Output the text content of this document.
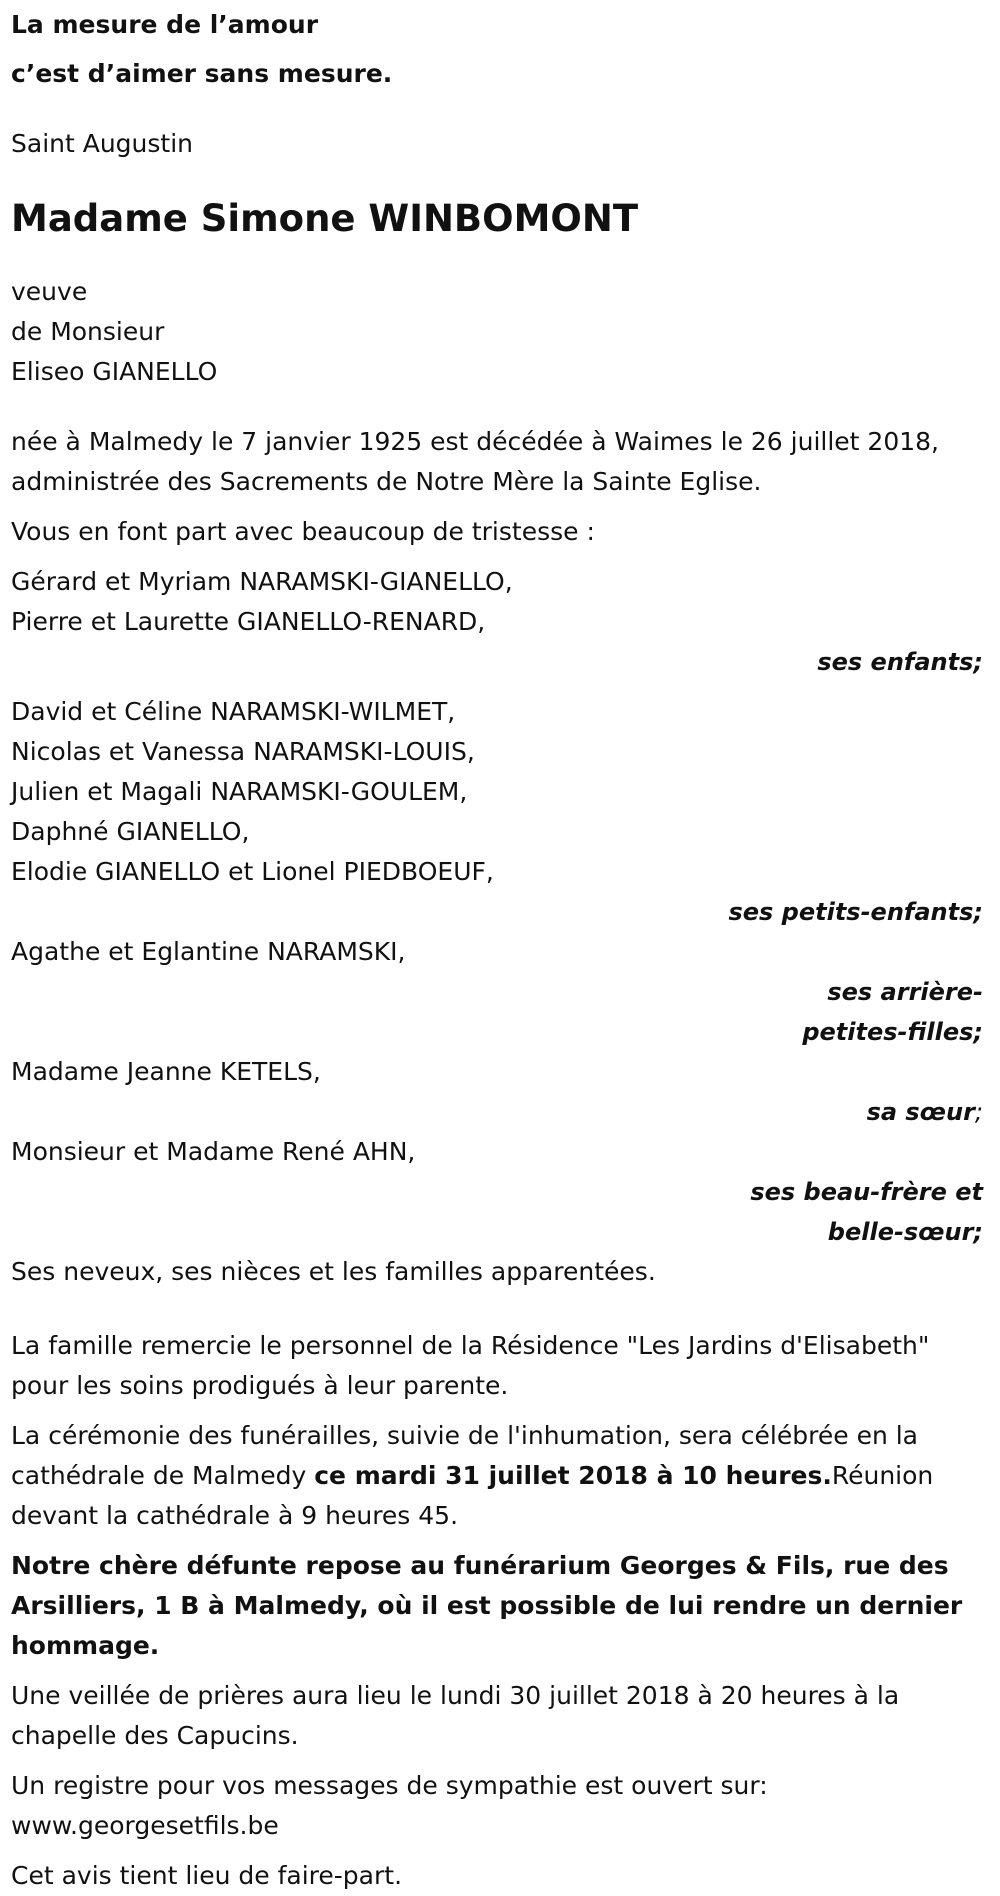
La mesure de l’amour

c’est d’aimer sans mesure.

Saint Augustin

Madame Simone WINBOMONT

veuve

de Monsieur

Eliseo GIANELLO

née à Malmedy le 7 janvier 1925 est décédée à Waimes le 26 juillet 2018,

administrée des Sacrements de Notre Mère la Sainte Eglise.

Vous en font part avec beaucoup de tristesse :

Gérard et Myriam NARAMSKI-GIANELLO,

Pierre et Laurette GIANELLO-RENARD,

ses enfants;

David et Céline NARAMSKI-WILMET,

Nicolas et Vanessa NARAMSKI-LOUIS,

Julien et Magali NARAMSKI-GOULEM,

Daphné GIANELLO,

Elodie GIANELLO et Lionel PIEDBOEUF,

ses petits-enfants;

Agathe et Eglantine NARAMSKI,

ses arrière-

petites-filles;

Madame Jeanne KETELS,

sa sœur;

Monsieur et Madame René AHN,

ses beau-frère et

belle-sœur;

Ses neveux, ses nièces et les familles apparentées.

La famille remercie le personnel de la Résidence "Les Jardins d'Elisabeth"

pour les soins prodigués à leur parente.

La cérémonie des funérailles, suivie de l'inhumation, sera célébrée en la

cathédrale de Malmedy ce mardi 31 juillet 2018 à 10 heures.Réunion

devant la cathédrale à 9 heures 45.

Notre chère défunte repose au funérarium Georges & Fils, rue des

Arsilliers, 1 B à Malmedy, où il est possible de lui rendre un dernier

hommage.

Une veillée de prières aura lieu le lundi 30 juillet 2018 à 20 heures à la

chapelle des Capucins.

Un registre pour vos messages de sympathie est ouvert sur:

www.georgesetfils.be

Cet avis tient lieu de faire-part.
